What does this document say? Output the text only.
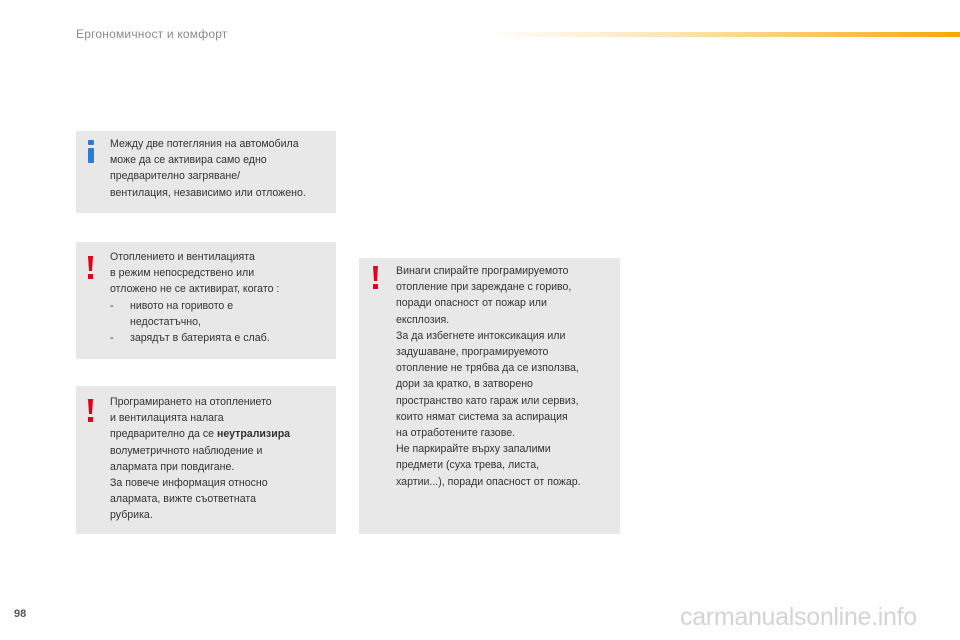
Ергономичност и комфорт

Между две потегляния на автомобила

може да се активира само едно

предварително загряване/

вентилация, независимо или отложено.

Отоплението и вентилацията

в режим непосредствено или

отложено не се активират, когато :

-	нивото на горивото е
недостатъчно,
-	зарядът в батерията е слаб.

Програмирането на отоплението

и вентилацията налага

предварително да се неутрализира

волуметричното наблюдение и

алармата при повдигане.

За повече информация относно

алармата, вижте съответната

рубрика.

Винаги спирайте програмируемото

отопление при зареждане с гориво,

поради опасност от пожар или

експлозия.

За да избегнете интоксикация или

задушаване, програмируемото

отопление не трябва да се използва,

дори за кратко, в затворено

пространство като гараж или сервиз,

които нямат система за аспирация

на отработените газове.

Не паркирайте върху запалими

предмети (суха трева, листа,

хартии...), поради опасност от пожар.

98	carmanualsonline.info
